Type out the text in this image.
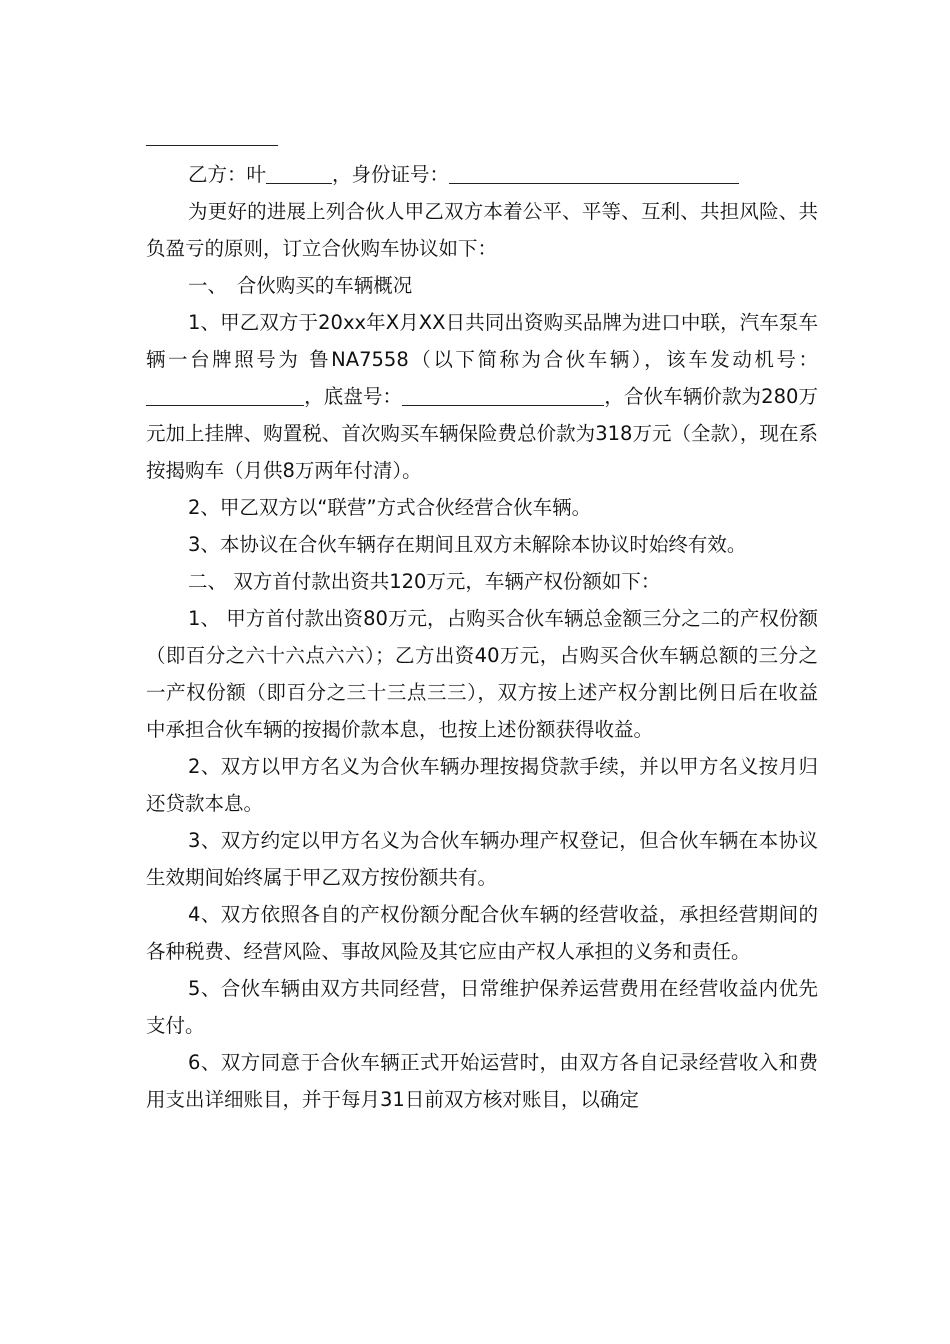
乙方：叶	，身份证号：

为更好的进展上列合伙人甲乙双方本着公平、平等、互利、共担风险、共负盈亏的原则，订立合伙购车协议如下：

一、　合伙购买的车辆概况

1、甲乙双方于20xx年X月XX日共同出资购买品牌为进口中联，汽车泵车辆一台牌照号为 鲁NA7558（以下简称为合伙车辆），该车发动机号：，底盘号：	，合伙车辆价款为280万元加上挂牌、购置税、首次购买车辆保险费总价款为318万元（全款），现在系按揭购车（月供8万两年付清）。

2、甲乙双方以“联营”方式合伙经营合伙车辆。

3、本协议在合伙车辆存在期间且双方未解除本协议时始终有效。

二、 双方首付款出资共120万元，车辆产权份额如下：

1、 甲方首付款出资80万元，占购买合伙车辆总金额三分之二的产权份额（即百分之六十六点六六）；乙方出资40万元，占购买合伙车辆总额的三分之一产权份额（即百分之三十三点三三），双方按上述产权分割比例日后在收益中承担合伙车辆的按揭价款本息，也按上述份额获得收益。

2、双方以甲方名义为合伙车辆办理按揭贷款手续，并以甲方名义按月归还贷款本息。

3、双方约定以甲方名义为合伙车辆办理产权登记，但合伙车辆在本协议生效期间始终属于甲乙双方按份额共有。

4、双方依照各自的产权份额分配合伙车辆的经营收益，承担经营期间的各种税费、经营风险、事故风险及其它应由产权人承担的义务和责任。

5、合伙车辆由双方共同经营，日常维护保养运营费用在经营收益内优先支付。

6、双方同意于合伙车辆正式开始运营时，由双方各自记录经营收入和费用支出详细账目，并于每月31日前双方核对账目，以确定
